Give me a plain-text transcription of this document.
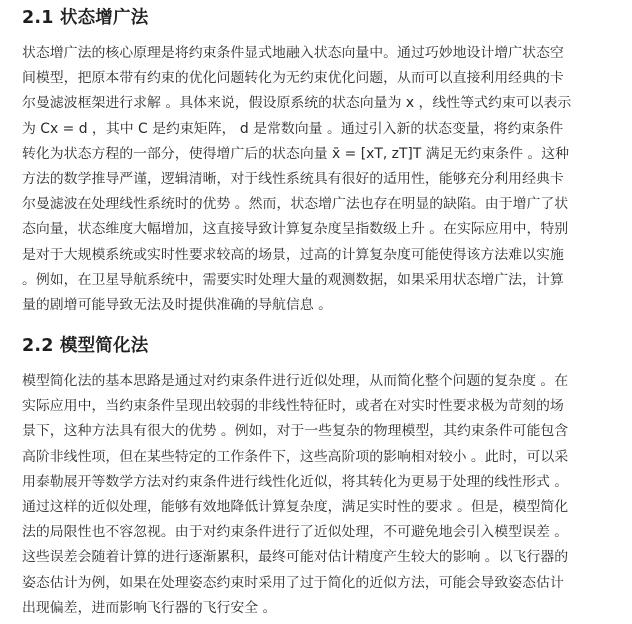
2.1 状态增广法
状态增广法的核心原理是将约束条件显式地融入状态向量中。通过巧妙地设计增广状态空
间模型，把原本带有约束的优化问题转化为无约束优化问题，从而可以直接利用经典的卡
尔曼滤波框架进行求解 。具体来说，假设原系统的状态向量为 x ，线性等式约束可以表示
为 Cx = d ，其中 C 是约束矩阵， d 是常数向量 。通过引入新的状态变量，将约束条件
转化为状态方程的一部分，使得增广后的状态向量 x̄ = [xT, zT]T 满足无约束条件 。这种
方法的数学推导严谨，逻辑清晰，对于线性系统具有很好的适用性，能够充分利用经典卡
尔曼滤波在处理线性系统时的优势 。然而，状态增广法也存在明显的缺陷。由于增广了状
态向量，状态维度大幅增加，这直接导致计算复杂度呈指数级上升 。在实际应用中，特别
是对于大规模系统或实时性要求较高的场景，过高的计算复杂度可能使得该方法难以实施
。例如，在卫星导航系统中，需要实时处理大量的观测数据，如果采用状态增广法，计算
量的剧增可能导致无法及时提供准确的导航信息 。
2.2 模型简化法
模型简化法的基本思路是通过对约束条件进行近似处理，从而简化整个问题的复杂度 。在
实际应用中，当约束条件呈现出较弱的非线性特征时，或者在对实时性要求极为苛刻的场
景下，这种方法具有很大的优势 。例如，对于一些复杂的物理模型，其约束条件可能包含
高阶非线性项，但在某些特定的工作条件下，这些高阶项的影响相对较小 。此时，可以采
用泰勒展开等数学方法对约束条件进行线性化近似，将其转化为更易于处理的线性形式 。
通过这样的近似处理，能够有效地降低计算复杂度，满足实时性的要求 。但是，模型简化
法的局限性也不容忽视。由于对约束条件进行了近似处理，不可避免地会引入模型误差 。
这些误差会随着计算的进行逐渐累积，最终可能对估计精度产生较大的影响 。以飞行器的
姿态估计为例，如果在处理姿态约束时采用了过于简化的近似方法，可能会导致姿态估计
出现偏差，进而影响飞行器的飞行安全 。
